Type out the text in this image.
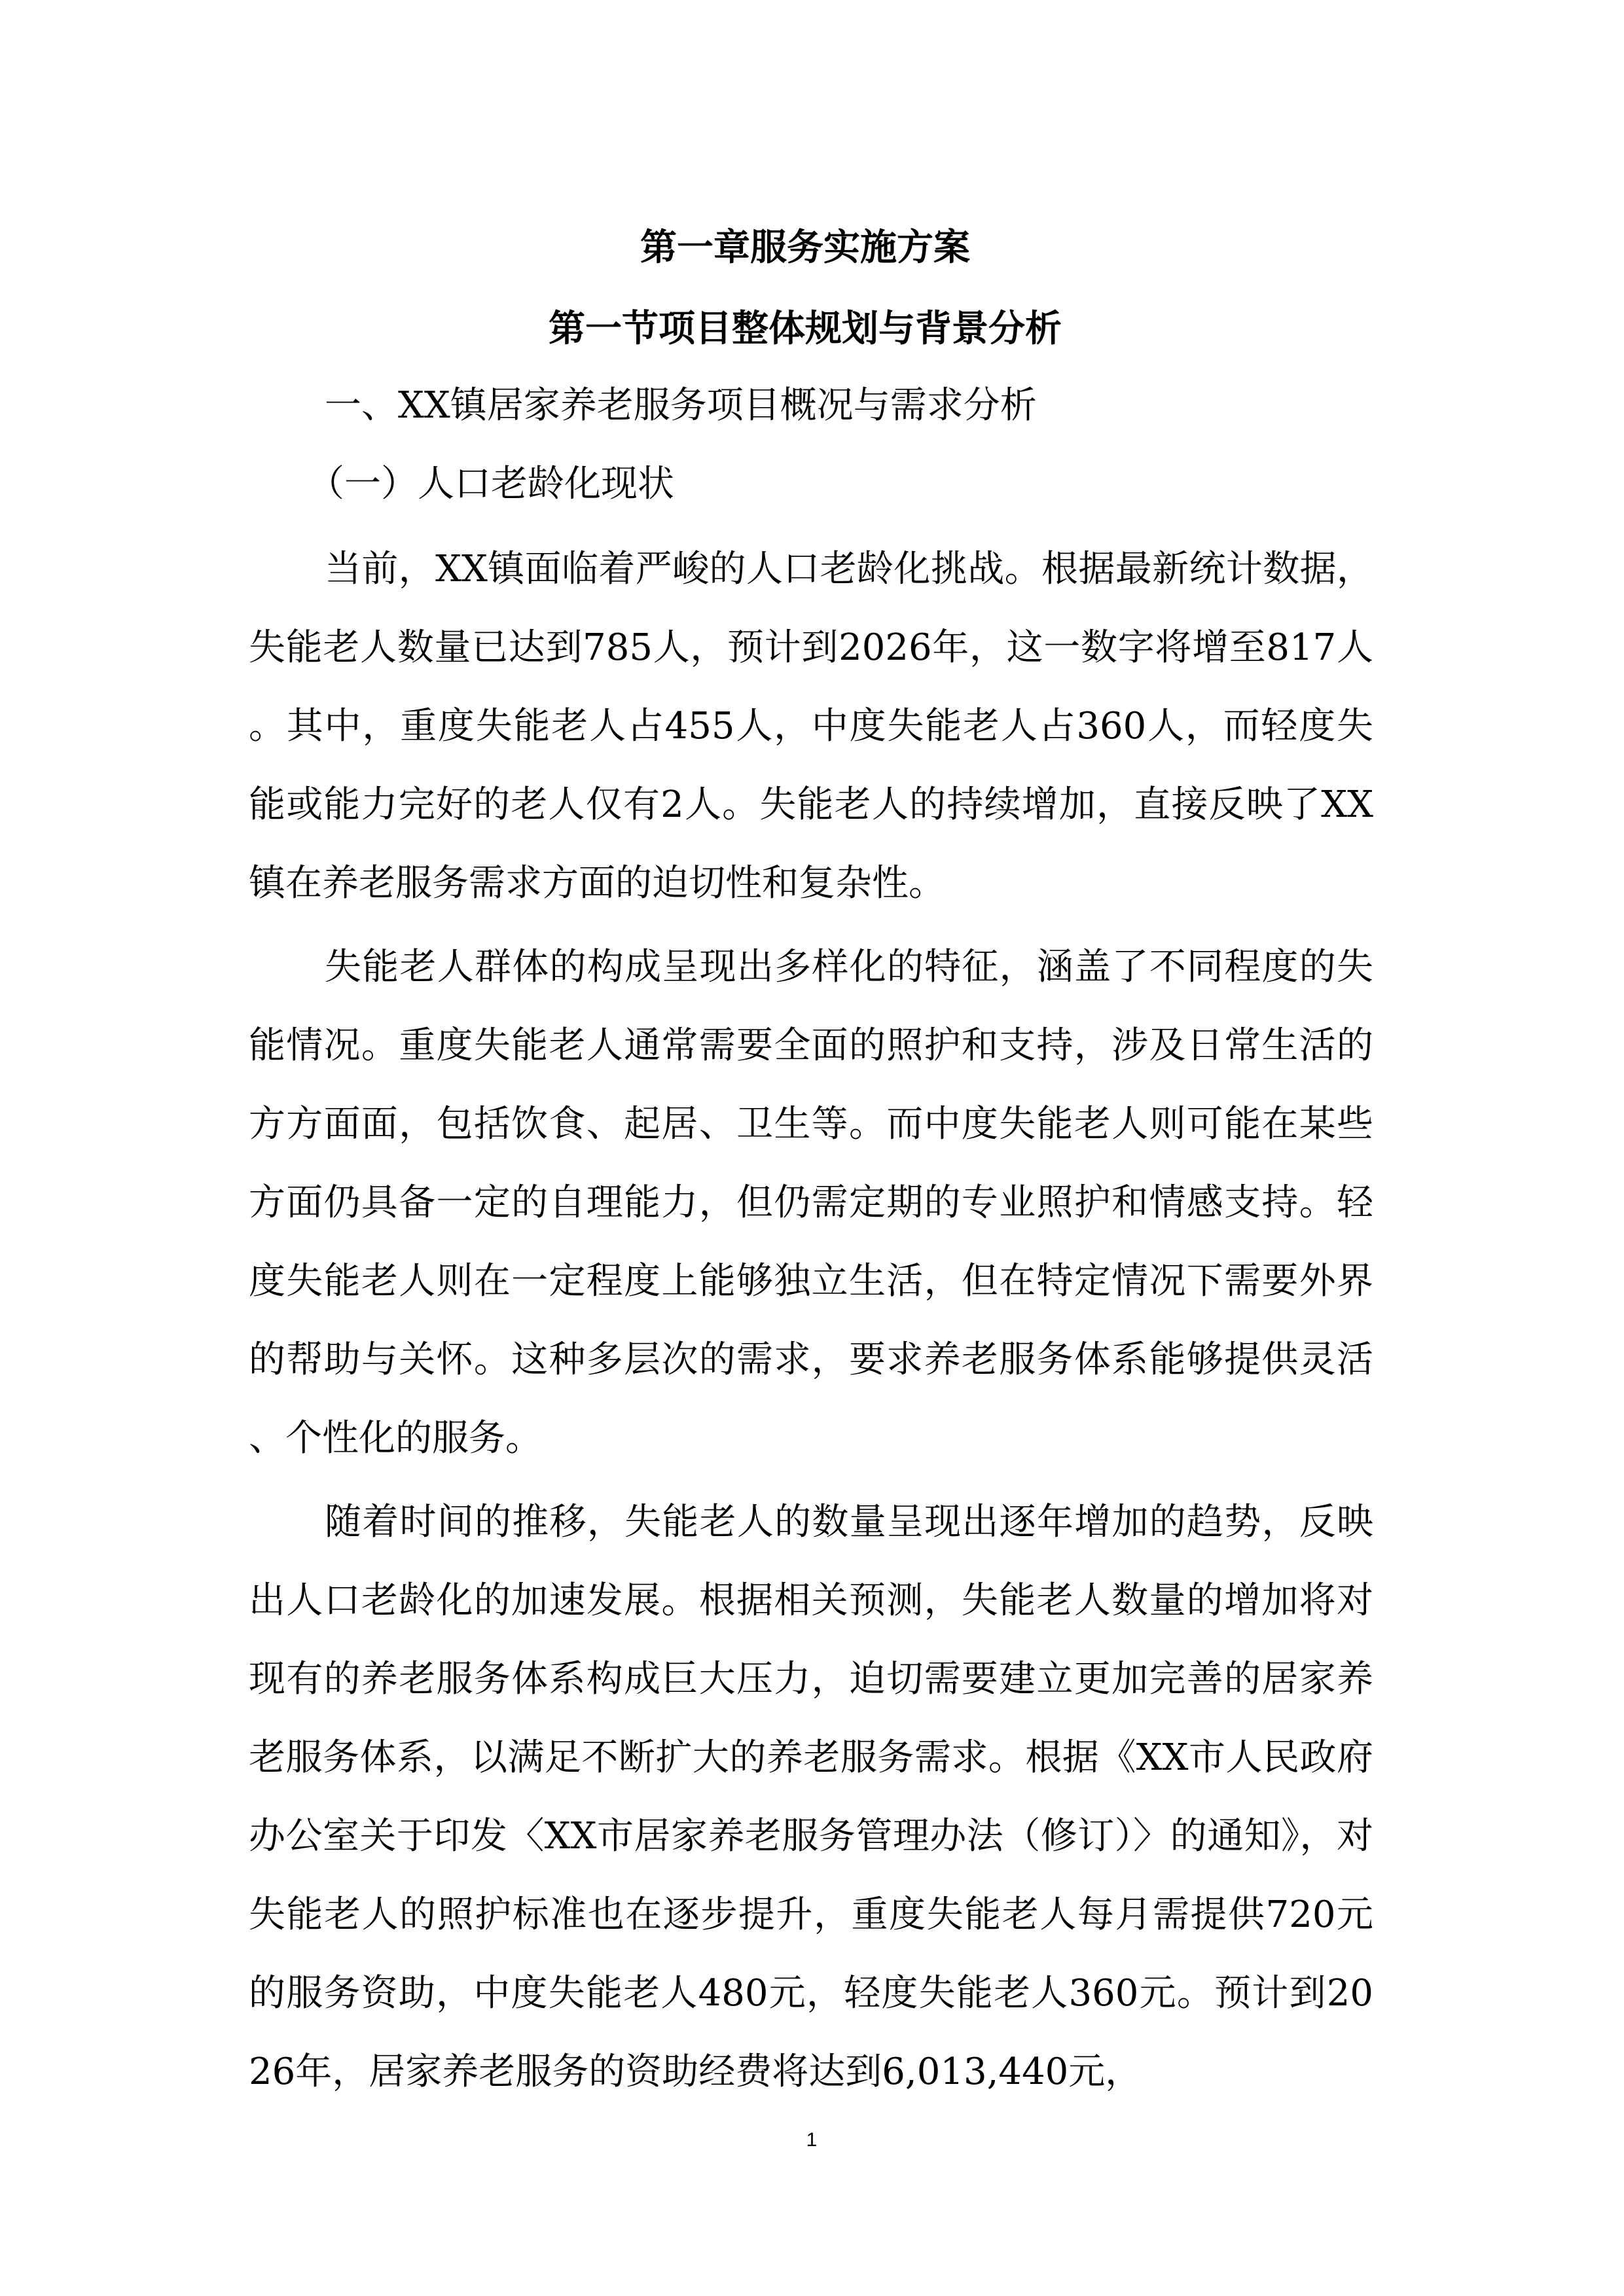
第一章服务实施方案
第一节项目整体规划与背景分析
一、XX镇居家养老服务项目概况与需求分析
（一）人口老龄化现状

当前，XX镇面临着严峻的人口老龄化挑战。根据最新统计数据，失能老人数量已达到785人，预计到2026年，这一数字将增至817人。其中，重度失能老人占455人，中度失能老人占360人，而轻度失能或能力完好的老人仅有2人。失能老人的持续增加，直接反映了XX镇在养老服务需求方面的迫切性和复杂性。

失能老人群体的构成呈现出多样化的特征，涵盖了不同程度的失能情况。重度失能老人通常需要全面的照护和支持，涉及日常生活的方方面面，包括饮食、起居、卫生等。而中度失能老人则可能在某些方面仍具备一定的自理能力，但仍需定期的专业照护和情感支持。轻度失能老人则在一定程度上能够独立生活，但在特定情况下需要外界的帮助与关怀。这种多层次的需求，要求养老服务体系能够提供灵活、个性化的服务。

随着时间的推移，失能老人的数量呈现出逐年增加的趋势，反映出人口老龄化的加速发展。根据相关预测，失能老人数量的增加将对现有的养老服务体系构成巨大压力，迫切需要建立更加完善的居家养老服务体系，以满足不断扩大的养老服务需求。根据《XX市人民政府办公室关于印发〈XX市居家养老服务管理办法（修订）〉的通知》，对失能老人的照护标准也在逐步提升，重度失能老人每月需提供720元的服务资助，中度失能老人480元，轻度失能老人360元。预计到2026年，居家养老服务的资助经费将达到6,013,440元，

1
